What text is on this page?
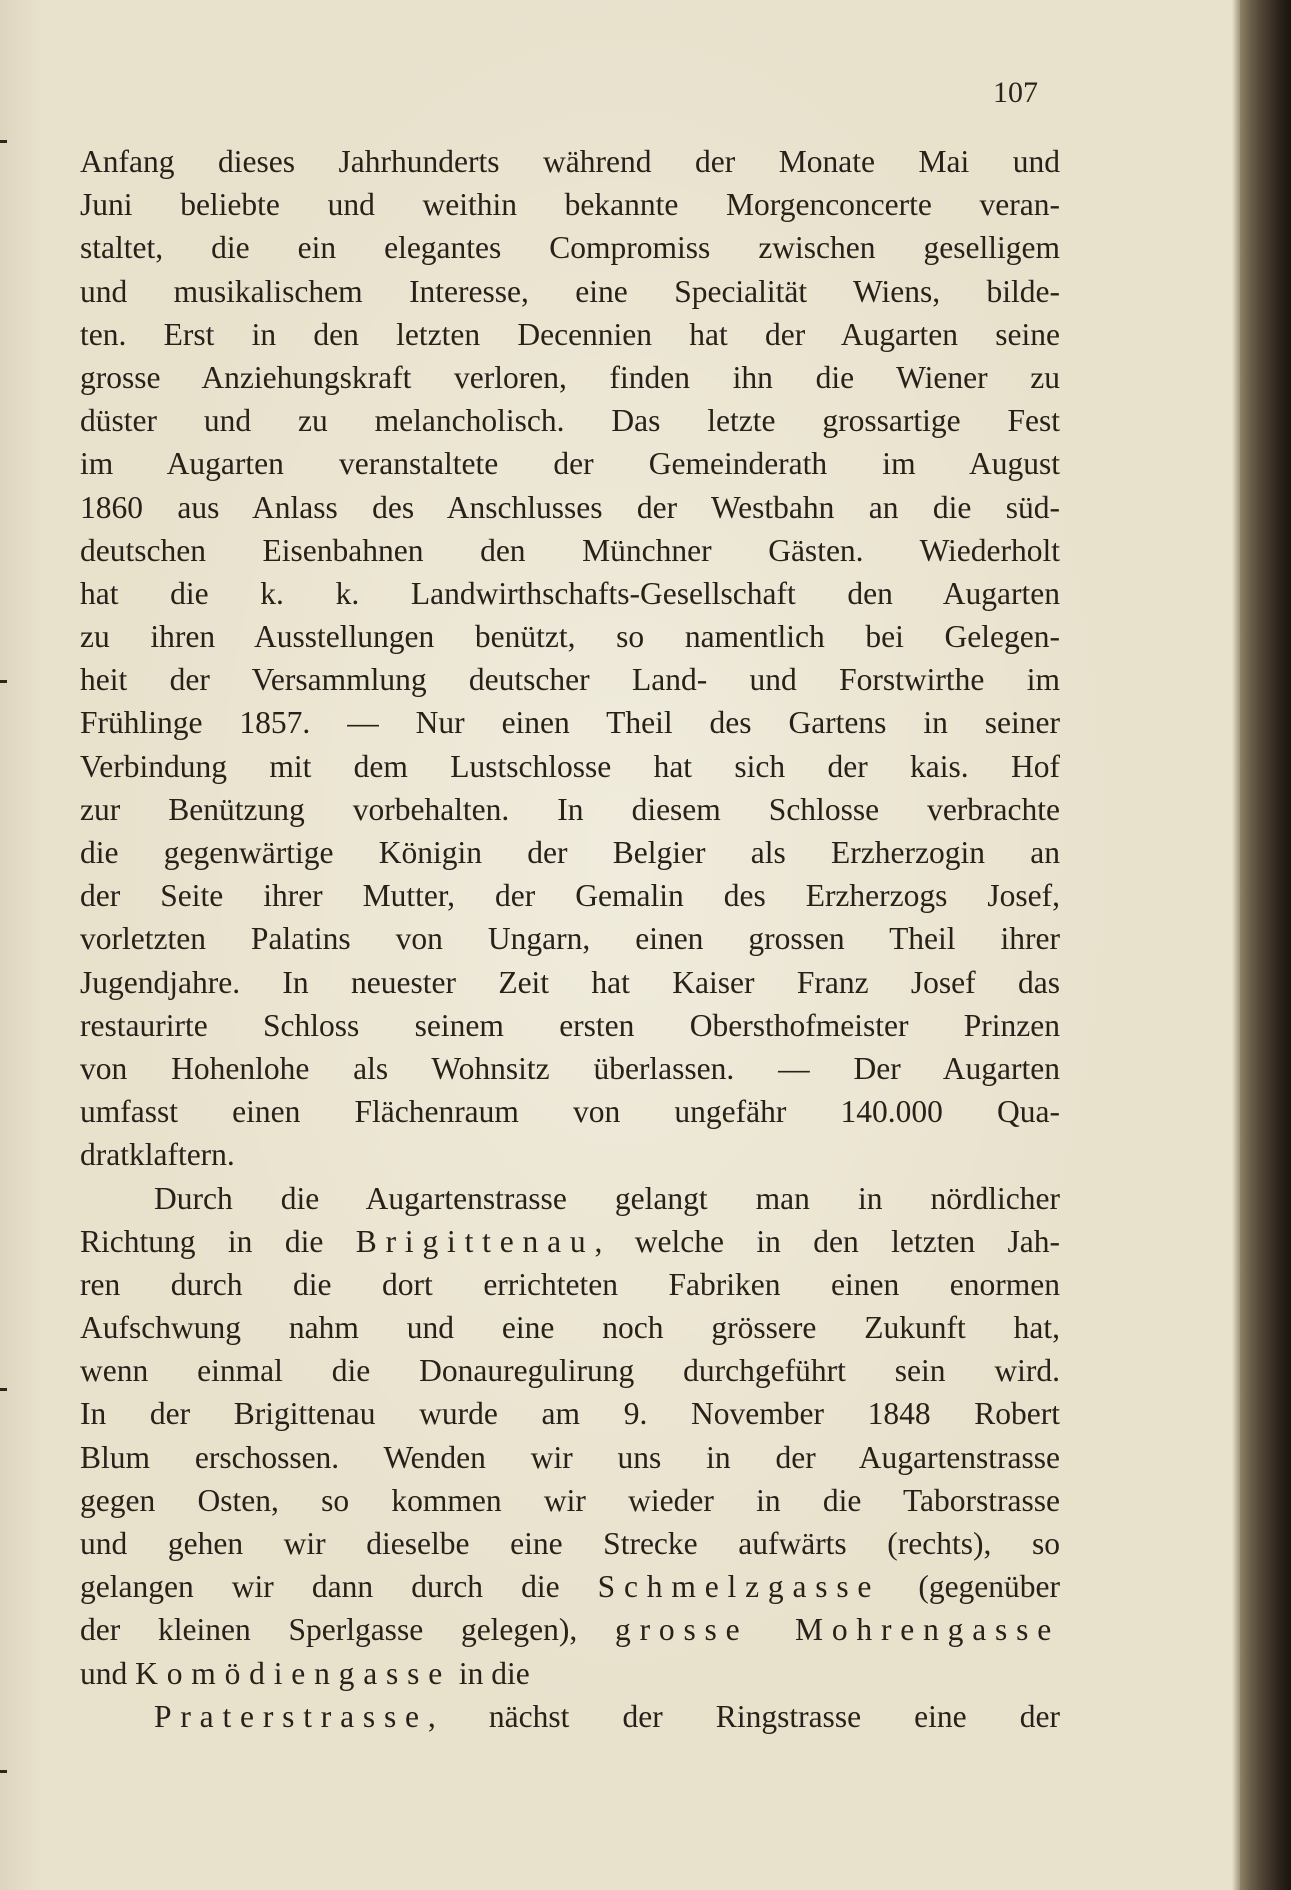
107
Anfang dieses Jahrhunderts während der Monate Mai und
Juni beliebte und weithin bekannte Morgenconcerte veran-
staltet, die ein elegantes Compromiss zwischen geselligem
und musikalischem Interesse, eine Specialität Wiens, bilde-
ten. Erst in den letzten Decennien hat der Augarten seine
grosse Anziehungskraft verloren, finden ihn die Wiener zu
düster und zu melancholisch. Das letzte grossartige Fest
im Augarten veranstaltete der Gemeinderath im August
1860 aus Anlass des Anschlusses der Westbahn an die süd-
deutschen Eisenbahnen den Münchner Gästen. Wiederholt
hat die k. k. Landwirthschafts-Gesellschaft den Augarten
zu ihren Ausstellungen benützt, so namentlich bei Gelegen-
heit der Versammlung deutscher Land- und Forstwirthe im
Frühlinge 1857. — Nur einen Theil des Gartens in seiner
Verbindung mit dem Lustschlosse hat sich der kais. Hof
zur Benützung vorbehalten. In diesem Schlosse verbrachte
die gegenwärtige Königin der Belgier als Erzherzogin an
der Seite ihrer Mutter, der Gemalin des Erzherzogs Josef,
vorletzten Palatins von Ungarn, einen grossen Theil ihrer
Jugendjahre. In neuester Zeit hat Kaiser Franz Josef das
restaurirte Schloss seinem ersten Obersthofmeister Prinzen
von Hohenlohe als Wohnsitz überlassen. — Der Augarten
umfasst einen Flächenraum von ungefähr 140.000 Qua-
dratklaftern.
Durch die Augartenstrasse gelangt man in nördlicher
Richtung in die Brigittenau, welche in den letzten Jah-
ren durch die dort errichteten Fabriken einen enormen
Aufschwung nahm und eine noch grössere Zukunft hat,
wenn einmal die Donauregulirung durchgeführt sein wird.
In der Brigittenau wurde am 9. November 1848 Robert
Blum erschossen. Wenden wir uns in der Augartenstrasse
gegen Osten, so kommen wir wieder in die Taborstrasse
und gehen wir dieselbe eine Strecke aufwärts (rechts), so
gelangen wir dann durch die Schmelzgasse (gegenüber
der kleinen Sperlgasse gelegen), grosse Mohrengasse
und Komödiengasse in die
Praterstrasse, nächst der Ringstrasse eine der
